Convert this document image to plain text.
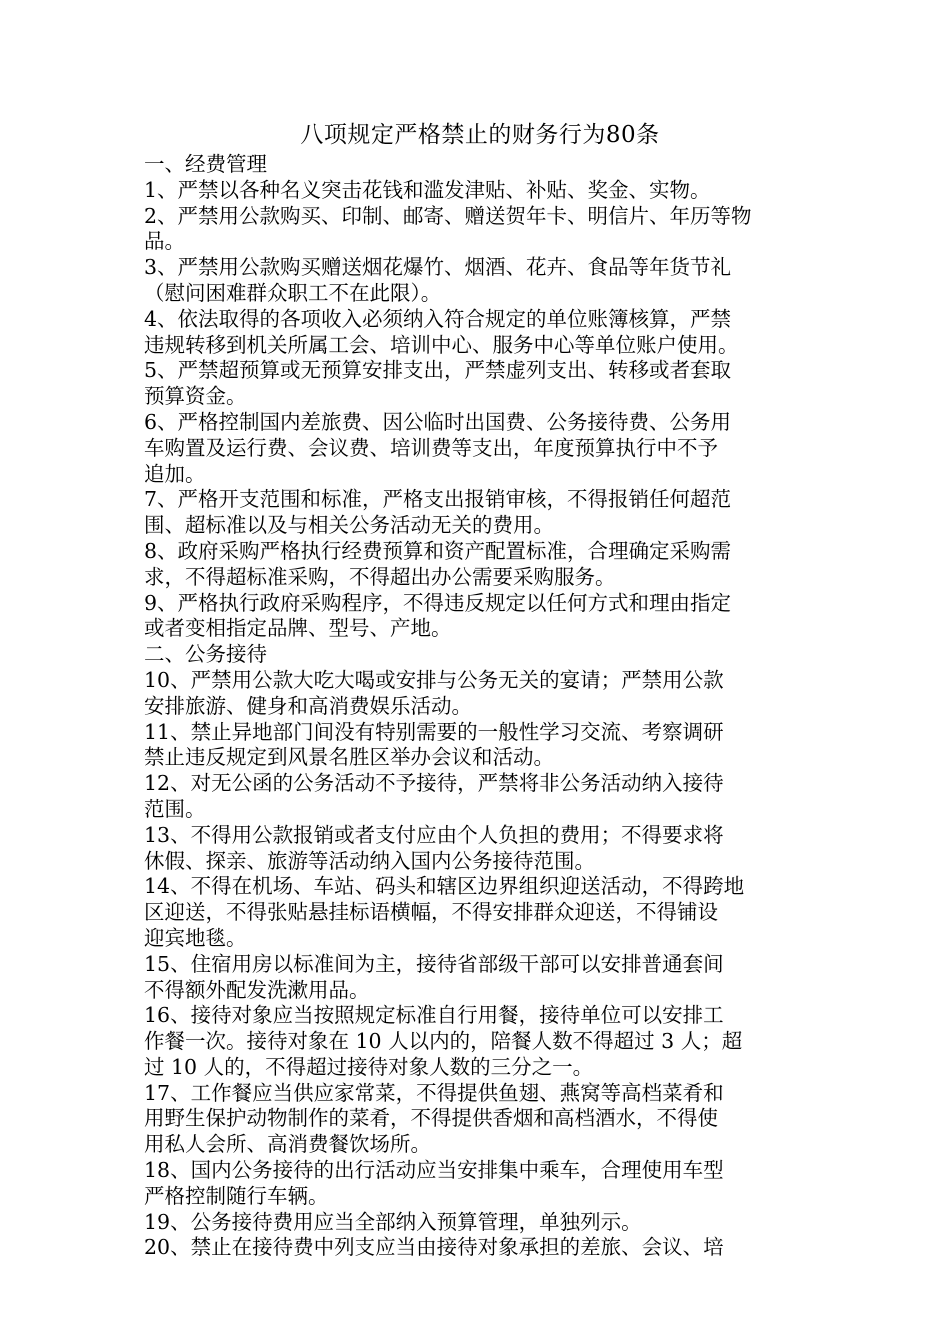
八项规定严格禁止的财务行为80条

一、经费管理

1、严禁以各种名义突击花钱和滥发津贴、补贴、奖金、实物。

2、严禁用公款购买、印制、邮寄、赠送贺年卡、明信片、年历等物

品。

3、严禁用公款购买赠送烟花爆竹、烟酒、花卉、食品等年货节礼

（慰问困难群众职工不在此限）。

4、依法取得的各项收入必须纳入符合规定的单位账簿核算，严禁

违规转移到机关所属工会、培训中心、服务中心等单位账户使用。

5、严禁超预算或无预算安排支出，严禁虚列支出、转移或者套取

预算资金。

6、严格控制国内差旅费、因公临时出国费、公务接待费、公务用

车购置及运行费、会议费、培训费等支出，年度预算执行中不予

追加。

7、严格开支范围和标准，严格支出报销审核，不得报销任何超范

围、超标准以及与相关公务活动无关的费用。

8、政府采购严格执行经费预算和资产配置标准，合理确定采购需

求，不得超标准采购，不得超出办公需要采购服务。

9、严格执行政府采购程序，不得违反规定以任何方式和理由指定

或者变相指定品牌、型号、产地。

二、公务接待

10、严禁用公款大吃大喝或安排与公务无关的宴请；严禁用公款

安排旅游、健身和高消费娱乐活动。

11、禁止异地部门间没有特别需要的一般性学习交流、考察调研

禁止违反规定到风景名胜区举办会议和活动。

12、对无公函的公务活动不予接待，严禁将非公务活动纳入接待

范围。

13、不得用公款报销或者支付应由个人负担的费用；不得要求将

休假、探亲、旅游等活动纳入国内公务接待范围。

14、不得在机场、车站、码头和辖区边界组织迎送活动，不得跨地

区迎送，不得张贴悬挂标语横幅，不得安排群众迎送，不得铺设

迎宾地毯。

15、住宿用房以标准间为主，接待省部级干部可以安排普通套间

不得额外配发洗漱用品。

16、接待对象应当按照规定标准自行用餐，接待单位可以安排工

作餐一次。接待对象在 10 人以内的，陪餐人数不得超过 3 人；超

过 10 人的，不得超过接待对象人数的三分之一。

17、工作餐应当供应家常菜，不得提供鱼翅、燕窝等高档菜肴和

用野生保护动物制作的菜肴，不得提供香烟和高档酒水，不得使

用私人会所、高消费餐饮场所。

18、国内公务接待的出行活动应当安排集中乘车，合理使用车型

严格控制随行车辆。

19、公务接待费用应当全部纳入预算管理，单独列示。

20、禁止在接待费中列支应当由接待对象承担的差旅、会议、培
